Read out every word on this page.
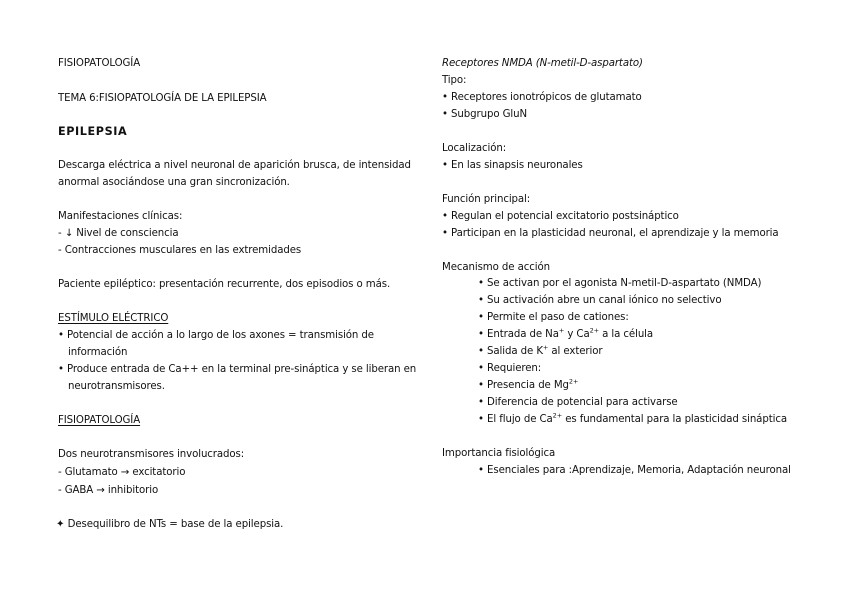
FISIOPATOLOGÍA
TEMA 6:FISIOPATOLOGÍA DE LA EPILEPSIA
EPILEPSIA
Descarga eléctrica a nivel neuronal de aparición brusca, de intensidad
anormal asociándose una gran sincronización.
Manifestaciones clínicas:
- ↓ Nivel de consciencia
- Contracciones musculares en las extremidades
Paciente epiléptico: presentación recurrente, dos episodios o más.
ESTÍMULO ELÉCTRICO
• Potencial de acción a lo largo de los axones = transmisión de
información
• Produce entrada de Ca++ en la terminal pre-sináptica y se liberan en
neurotransmisores.
FISIOPATOLOGÍA
Dos neurotransmisores involucrados:
- Glutamato → excitatorio
- GABA → inhibitorio
✦ Desequilibro de NTs = base de la epilepsia.
Receptores NMDA (N-metil-D-aspartato)
Tipo:
• Receptores ionotrópicos de glutamato
• Subgrupo GluN
Localización:
• En las sinapsis neuronales
Función principal:
• Regulan el potencial excitatorio postsináptico
• Participan en la plasticidad neuronal, el aprendizaje y la memoria
Mecanismo de acción
• Se activan por el agonista N-metil-D-aspartato (NMDA)
• Su activación abre un canal iónico no selectivo
• Permite el paso de cationes:
• Entrada de Na+ y $Ca^{2+}$ a la célula
• Salida de K+ al exterior
• Requieren:
• Presencia de $Mg^{2+}$
• Diferencia de potencial para activarse
• El flujo de $Ca^{2+}$ es fundamental para la plasticidad sináptica
Importancia fisiológica
• Esenciales para :Aprendizaje, Memoria, Adaptación neuronal
